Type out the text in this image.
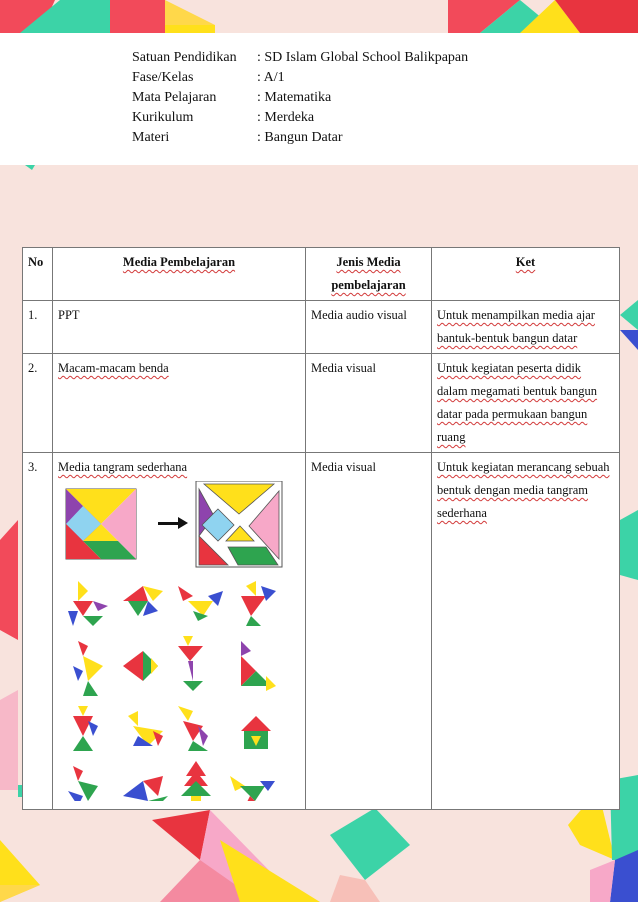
Satuan Pendidikan	: SD Islam Global School Balikpapan
Fase/Kelas	: A/1
Mata Pelajaran	: Matematika
Kurikulum	: Merdeka
Materi	: Bangun Datar
No	Media Pembelajaran	Jenis Media pembelajaran	Ket
1.	PPT	Media audio visual	Untuk menampilkan media ajar bantuk-bentuk bangun datar
2.	Macam-macam benda	Media visual	Untuk kegiatan peserta didik dalam megamati bentuk bangun datar pada permukaan bangun ruang
3.	Media tangram sederhana	Media visual	Untuk kegiatan merancang sebuah bentuk dengan media tangram sederhana
